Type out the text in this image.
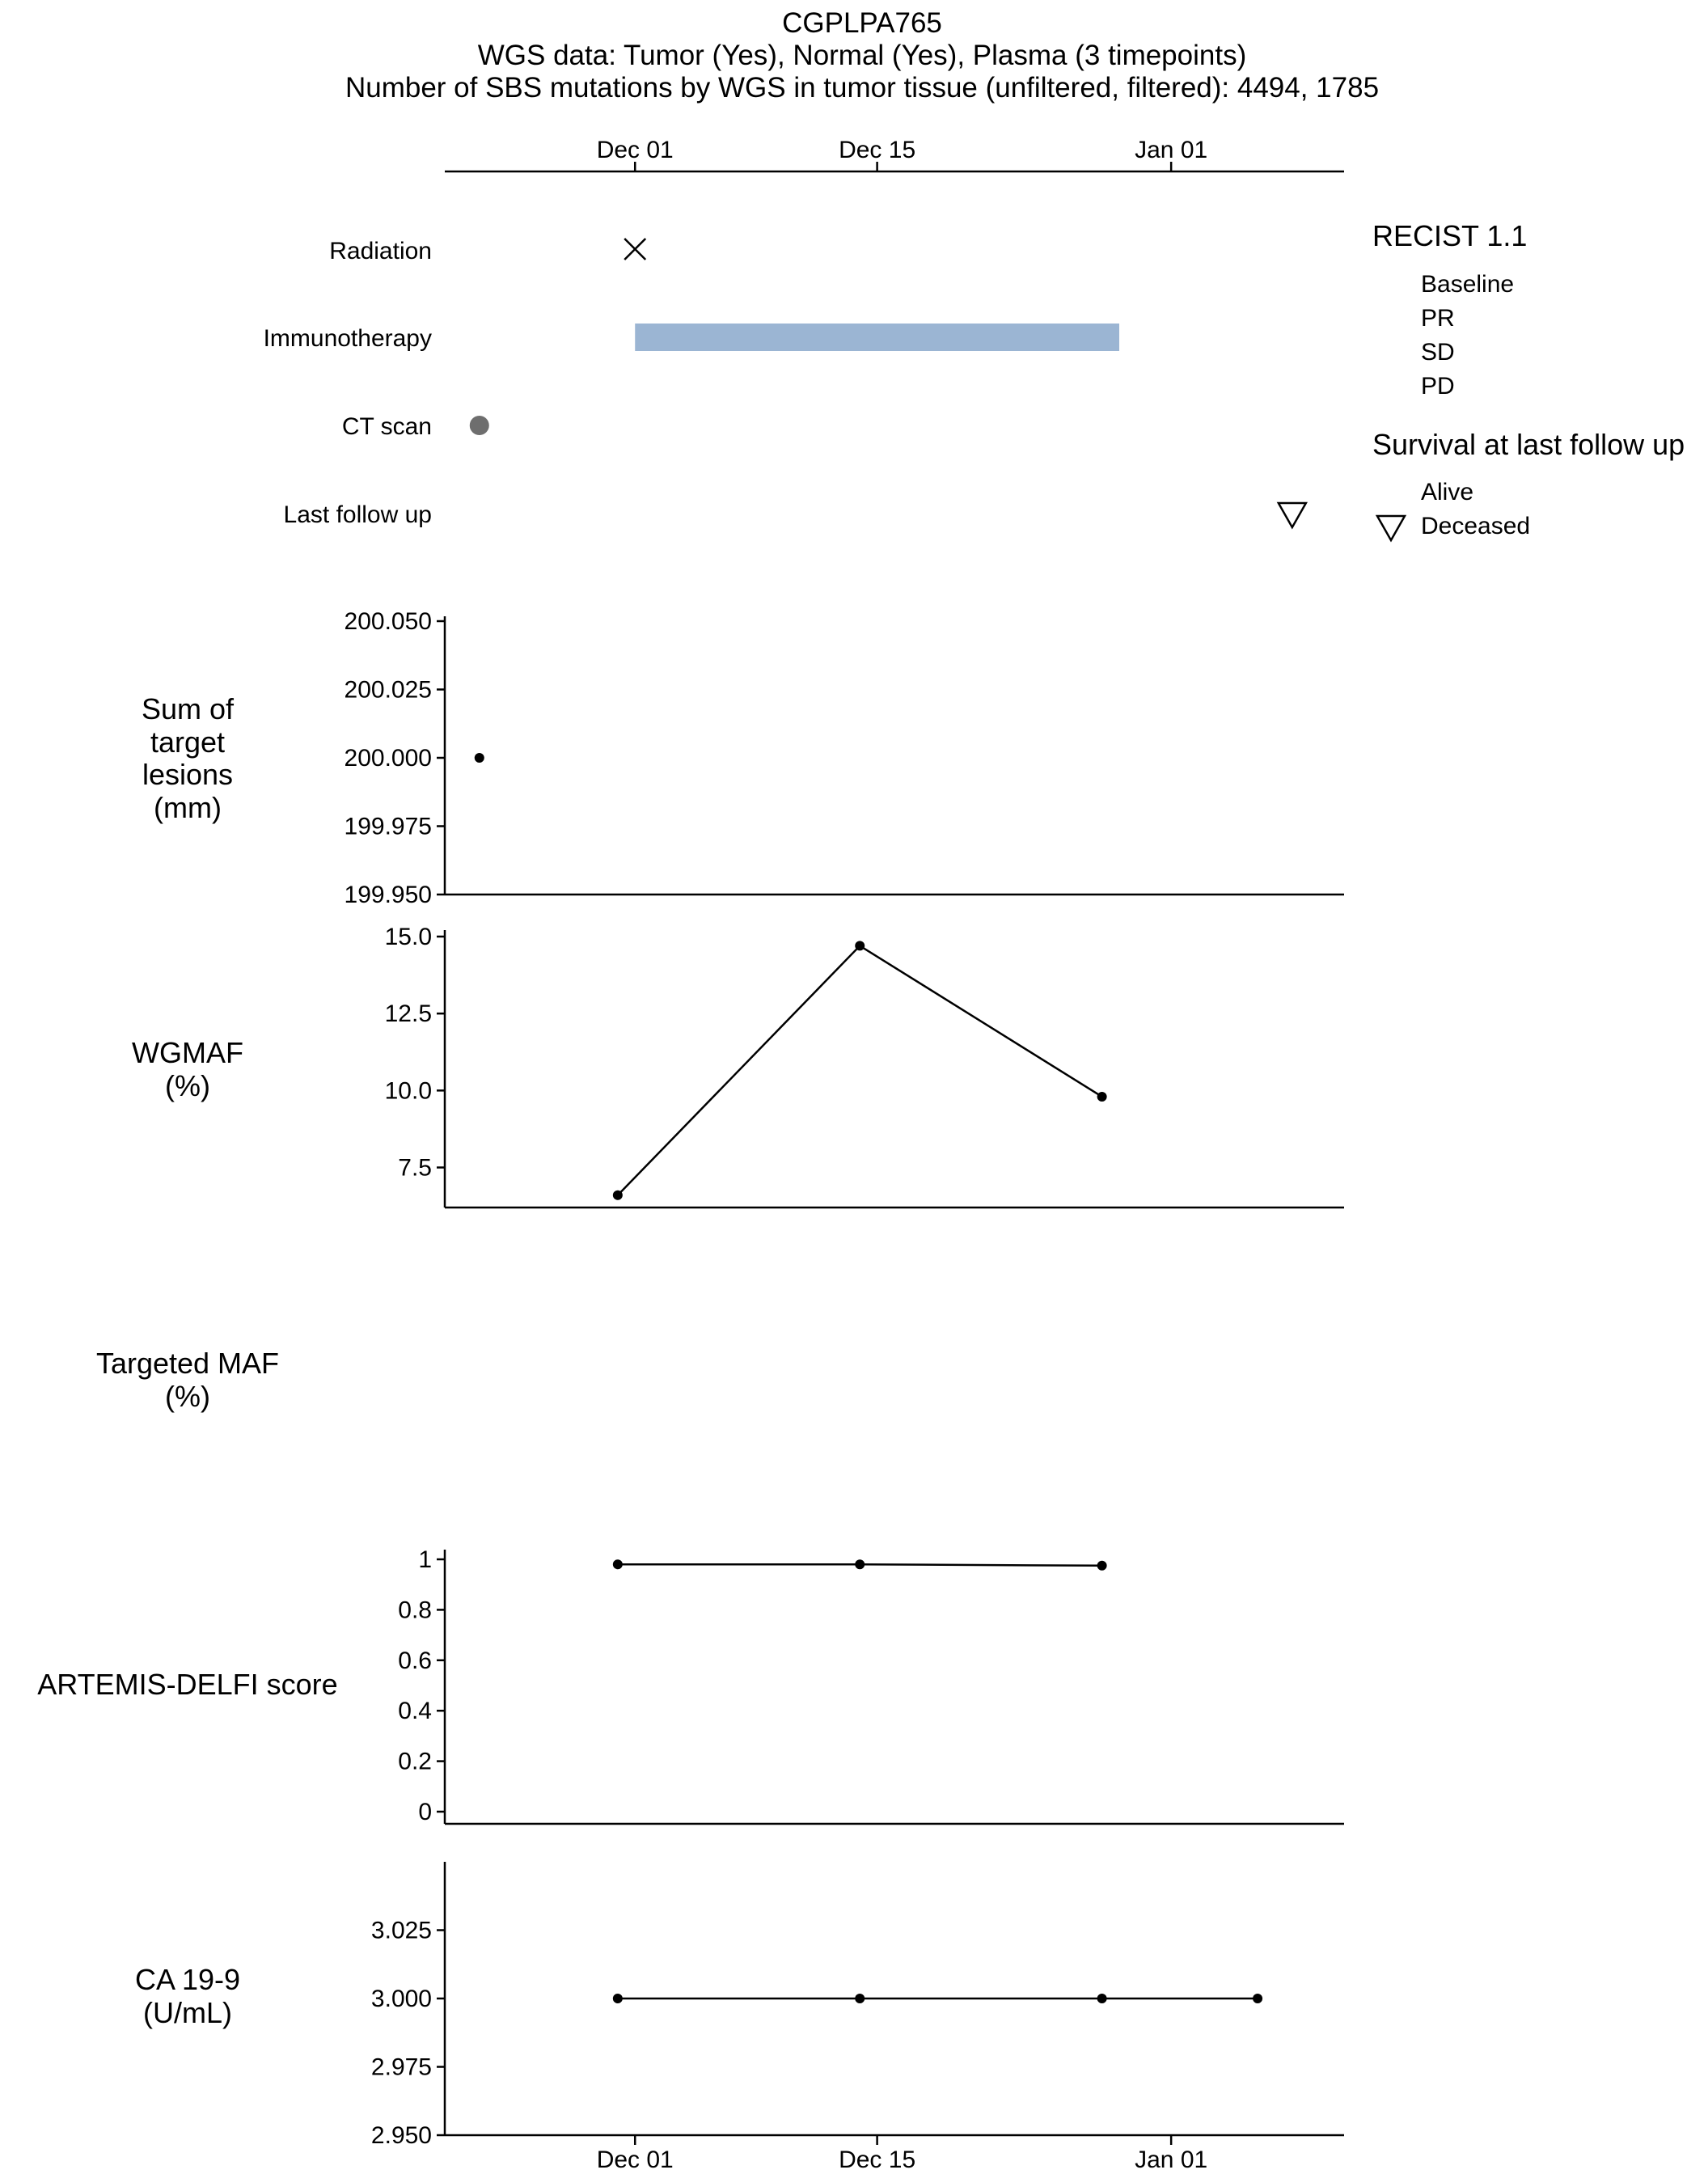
CGPLPA765
WGS data: Tumor (Yes), Normal (Yes), Plasma (3 timepoints)
Number of SBS mutations by WGS in tumor tissue (unfiltered, filtered): 4494, 1785
Dec 01	Dec 15	Jan 01
Radiation
Immunotherapy
CT scan
Last follow up
RECIST 1.1
Baseline
PR
SD
PD
Survival at last follow up
Alive
Deceased
Sum of
target
lesions
(mm)
WGMAF
(%)
Targeted MAF
(%)
ARTEMIS-DELFI score
CA 19-9
(U/mL)
199.950
199.975
200.000
200.025
200.050
7.5
10.0
12.5
15.0
0
0.2
0.4
0.6
0.8
1
2.950
2.975
3.000
3.025
Dec 01	Dec 15	Jan 01
